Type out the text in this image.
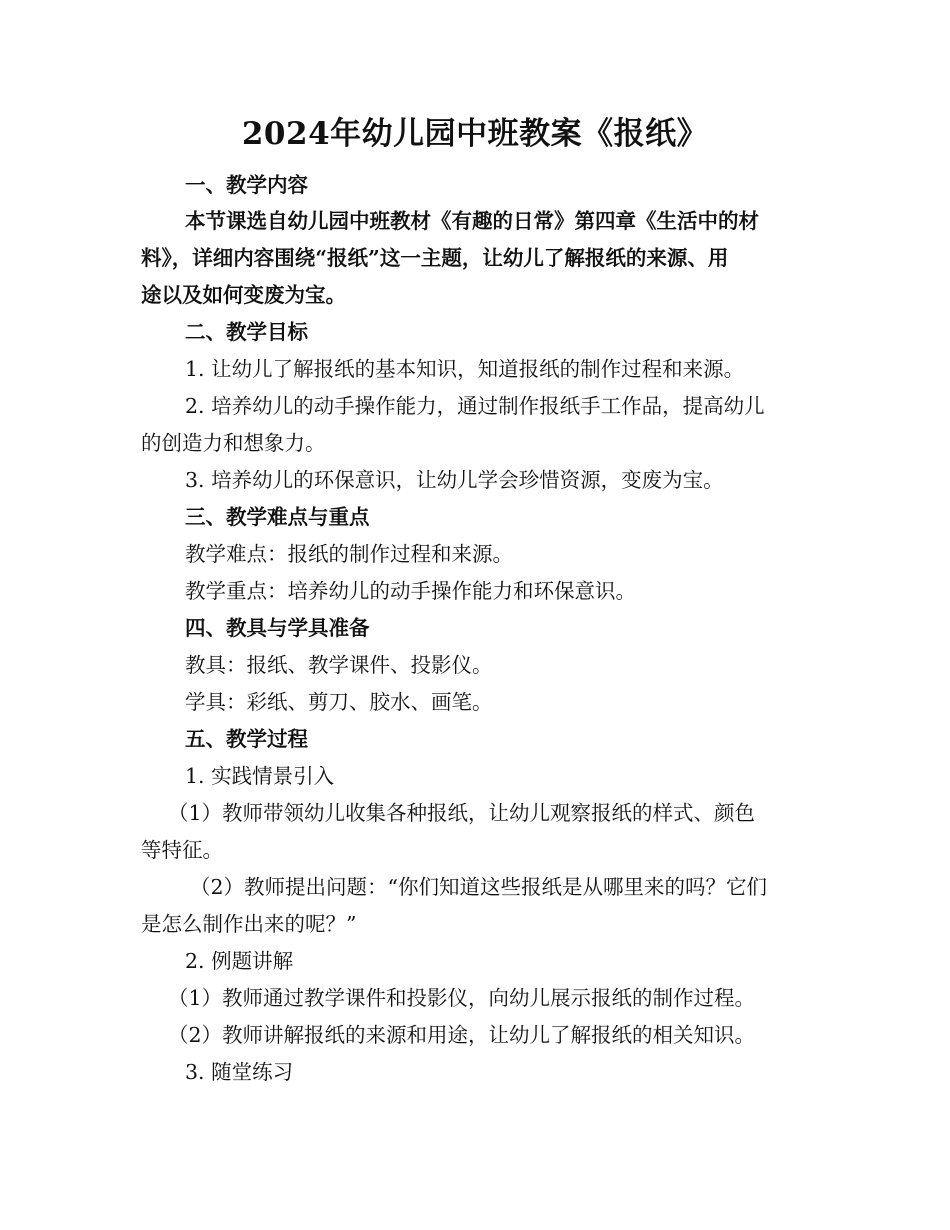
2024年幼儿园中班教案《报纸》
一、教学内容
本节课选自幼儿园中班教材《有趣的日常》第四章《生活中的材
料》，详细内容围绕“报纸”这一主题，让幼儿了解报纸的来源、用
途以及如何变废为宝。
二、教学目标
1. 让幼儿了解报纸的基本知识，知道报纸的制作过程和来源。
2. 培养幼儿的动手操作能力，通过制作报纸手工作品，提高幼儿
的创造力和想象力。
3. 培养幼儿的环保意识，让幼儿学会珍惜资源，变废为宝。
三、教学难点与重点
教学难点：报纸的制作过程和来源。
教学重点：培养幼儿的动手操作能力和环保意识。
四、教具与学具准备
教具：报纸、教学课件、投影仪。
学具：彩纸、剪刀、胶水、画笔。
五、教学过程
1. 实践情景引入
（1）教师带领幼儿收集各种报纸，让幼儿观察报纸的样式、颜色
等特征。
（2）教师提出问题：“你们知道这些报纸是从哪里来的吗？它们
是怎么制作出来的呢？”
2. 例题讲解
（1）教师通过教学课件和投影仪，向幼儿展示报纸的制作过程。
（2）教师讲解报纸的来源和用途，让幼儿了解报纸的相关知识。
3. 随堂练习
